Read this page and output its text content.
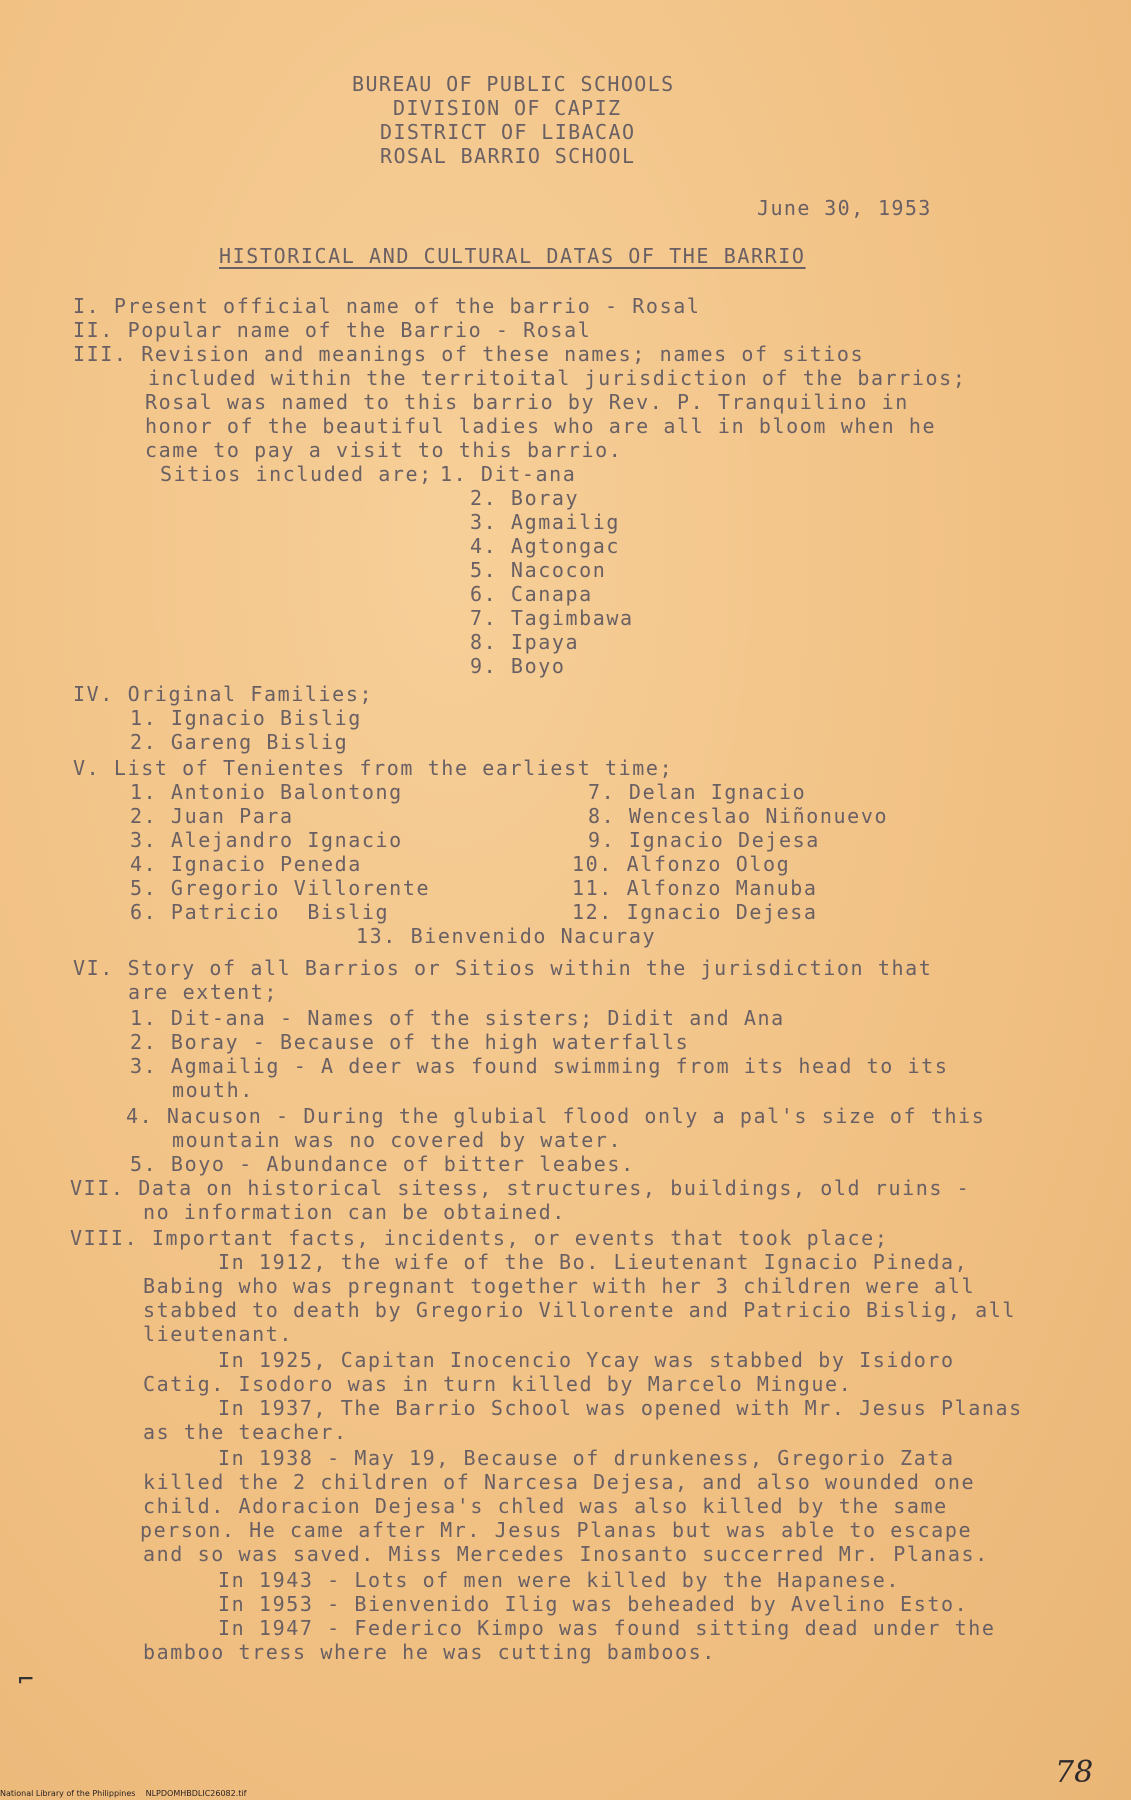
BUREAU OF PUBLIC SCHOOLS
DIVISION OF CAPIZ
DISTRICT OF LIBACAO
ROSAL BARRIO SCHOOL
June 30, 1953
HISTORICAL AND CULTURAL DATAS OF THE BARRIO
I. Present official name of the barrio - Rosal
II. Popular name of the Barrio - Rosal
III. Revision and meanings of these names; names of sitios
included within the territoital jurisdiction of the barrios;
Rosal was named to this barrio by Rev. P. Tranquilino in
honor of the beautiful ladies who are all in bloom when he
came to pay a visit to this barrio.
Sitios included are; 1. Dit-ana
2. Boray
3. Agmailig
4. Agtongac
5. Nacocon
6. Canapa
7. Tagimbawa
8. Ipaya
9. Boyo
IV. Original Families;
1. Ignacio Bislig
2. Gareng Bislig
V. List of Tenientes from the earliest time;
1. Antonio Balontong
2. Juan Para
3. Alejandro Ignacio
4. Ignacio Peneda
5. Gregorio Villorente
6. Patricio  Bislig
7. Delan Ignacio
8. Wenceslao Niñonuevo
9. Ignacio Dejesa
10. Alfonzo Olog
11. Alfonzo Manuba
12. Ignacio Dejesa
13. Bienvenido Nacuray
VI. Story of all Barrios or Sitios within the jurisdiction that
are extent;
1. Dit-ana - Names of the sisters; Didit and Ana
2. Boray - Because of the high waterfalls
3. Agmailig - A deer was found swimming from its head to its
mouth.
4. Nacuson - During the glubial flood only a pal's size of this
mountain was no covered by water.
5. Boyo - Abundance of bitter leabes.
VII. Data on historical sitess, structures, buildings, old ruins -
no information can be obtained.
VIII. Important facts, incidents, or events that took place;
In 1912, the wife of the Bo. Lieutenant Ignacio Pineda,
Babing who was pregnant together with her 3 children were all
stabbed to death by Gregorio Villorente and Patricio Bislig, all
lieutenant.
In 1925, Capitan Inocencio Ycay was stabbed by Isidoro
Catig. Isodoro was in turn killed by Marcelo Mingue.
In 1937, The Barrio School was opened with Mr. Jesus Planas
as the teacher.
In 1938 - May 19, Because of drunkeness, Gregorio Zata
killed the 2 children of Narcesa Dejesa, and also wounded one
child. Adoracion Dejesa's chled was also killed by the same
person. He came after Mr. Jesus Planas but was able to escape
and so was saved. Miss Mercedes Inosanto succerred Mr. Planas.
In 1943 - Lots of men were killed by the Hapanese.
In 1953 - Bienvenido Ilig was beheaded by Avelino Esto.
In 1947 - Federico Kimpo was found sitting dead under the
bamboo tress where he was cutting bamboos.
⌐
78
National Library of the Philippines    NLPDOMHBDLIC26082.tif
